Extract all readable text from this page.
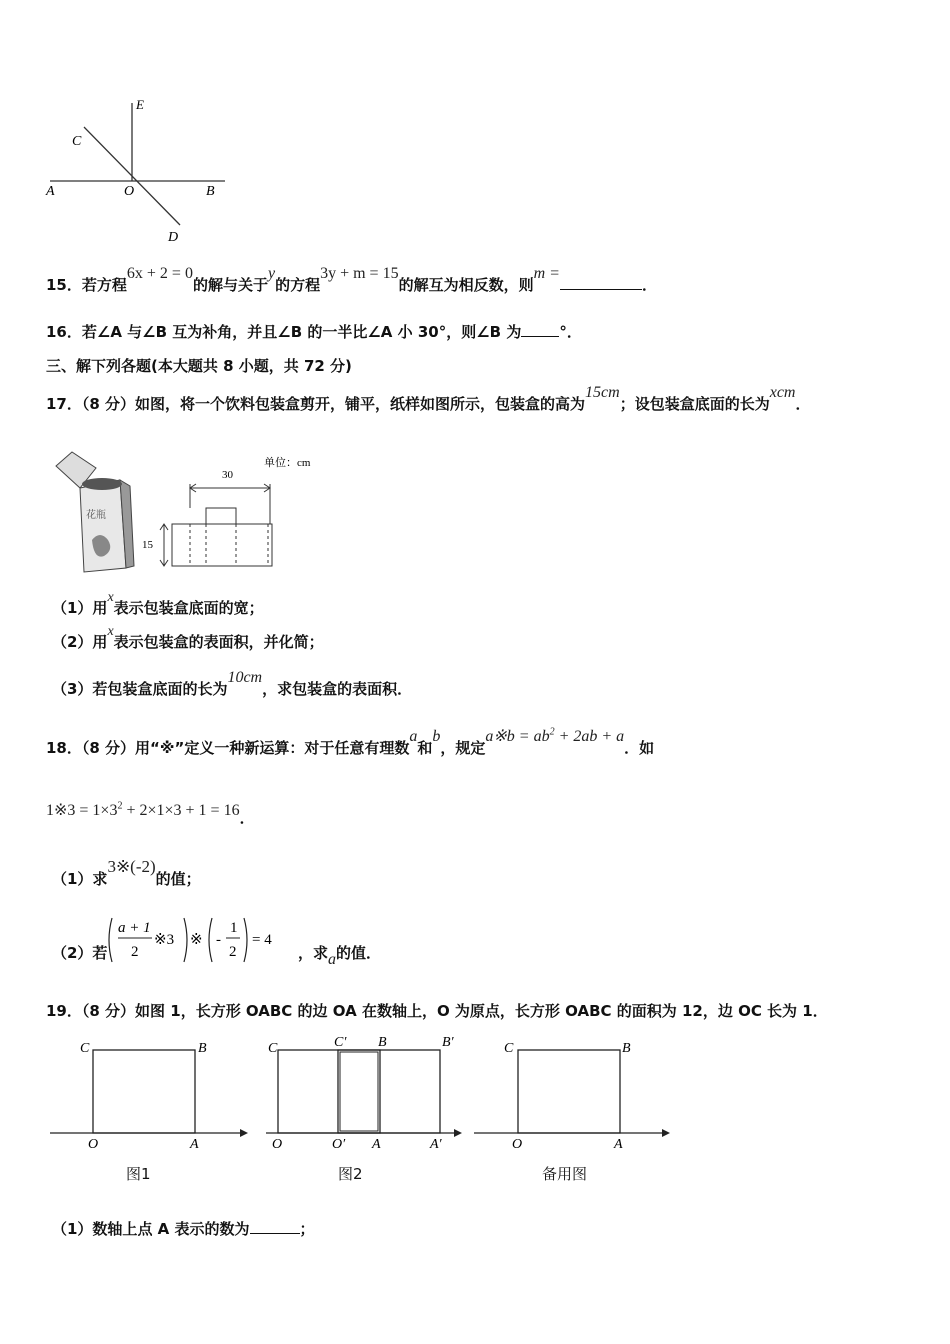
E
C
A	O	B
D
15．若方程6x + 2 = 0的解与关于y的方程3y + m = 15的解互为相反数，则m =．
16．若∠A 与∠B 互为补角，并且∠B 的一半比∠A 小 30°，则∠B 为	°．
三、解下列各题(本大题共 8 小题，共 72 分)
17．（8 分）如图，将一个饮料包装盒剪开，铺平，纸样如图所示，包装盒的高为15cm；设包装盒底面的长为xcm．
花瓶
30
15
单位：cm
（1）用x表示包装盒底面的宽；
（2）用x表示包装盒的表面积，并化简；
（3）若包装盒底面的长为10cm，求包装盒的表面积．
18．（8 分）用“※”定义一种新运算：对于任意有理数a和b，规定a※b = $ab^2 + 2ab + a$．如
1※3 = $1\times 3^2 + 2\times 1\times 3 + 1 = 16$．
（1）求3※(-2)的值；
（2）若
a + 1
2
※3 ※ -
1
2
= 4
，求a的值．
19．（8 分）如图 1，长方形 OABC 的边 OA 在数轴上，O 为原点，长方形 OABC 的面积为 12，边 OC 长为 1．
C	B
O	A
C	C′ B	B′
O	O′ A	A′
C	B
O	A
图1	图2	备用图
（1）数轴上点 A 表示的数为	；
